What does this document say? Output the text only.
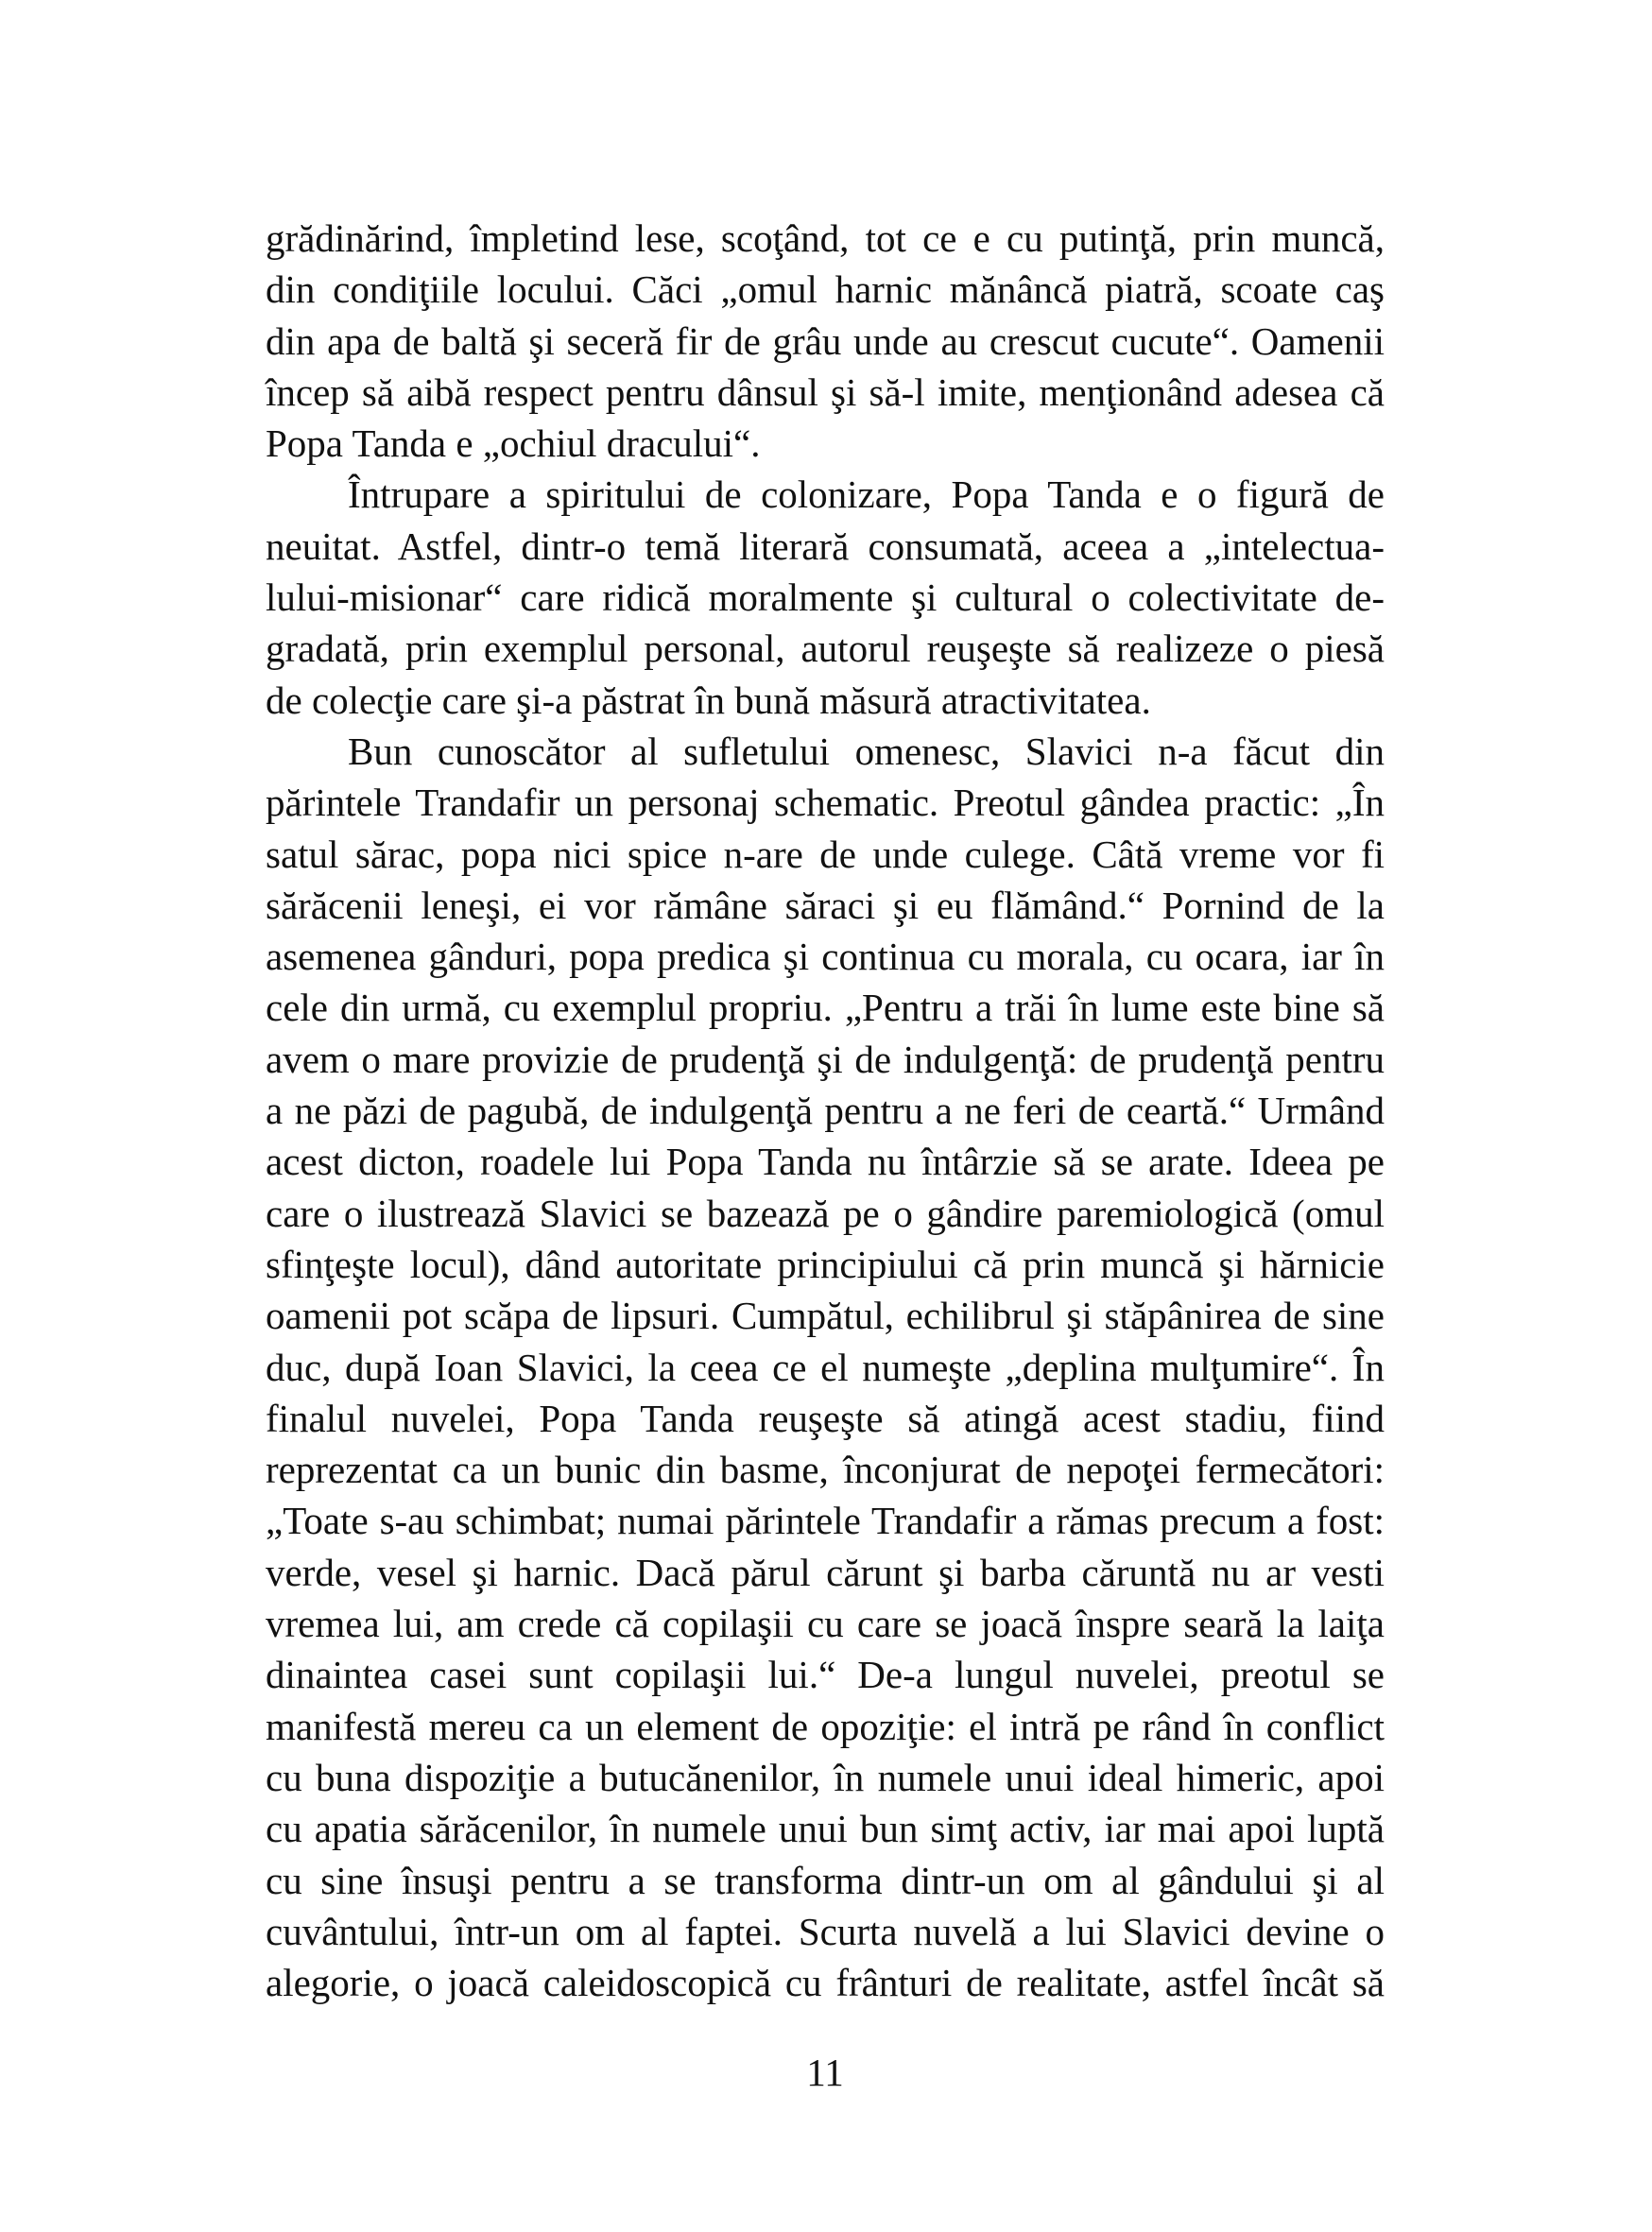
grădinărind, împletind lese, scoţând, tot ce e cu putinţă, prin muncă,
din condiţiile locului. Căci „omul harnic mănâncă piatră, scoate caş
din apa de baltă şi seceră fir de grâu unde au crescut cucute“. Oamenii
încep să aibă respect pentru dânsul şi să-l imite, menţionând adesea că
Popa Tanda e „ochiul dracului“.
Întrupare a spiritului de colonizare, Popa Tanda e o figură de
neuitat. Astfel, dintr-o temă literară consumată, aceea a „intelectua-
lului-misionar“ care ridică moralmente şi cultural o colectivitate de-
gradată, prin exemplul personal, autorul reuşeşte să realizeze o piesă
de colecţie care şi-a păstrat în bună măsură atractivitatea.
Bun cunoscător al sufletului omenesc, Slavici n-a făcut din
părintele Trandafir un personaj schematic. Preotul gândea practic: „În
satul sărac, popa nici spice n-are de unde culege. Câtă vreme vor fi
sărăcenii leneşi, ei vor rămâne săraci şi eu flămând.“ Pornind de la
asemenea gânduri, popa predica şi continua cu morala, cu ocara, iar în
cele din urmă, cu exemplul propriu. „Pentru a trăi în lume este bine să
avem o mare provizie de prudenţă şi de indulgenţă: de prudenţă pentru
a ne păzi de pagubă, de indulgenţă pentru a ne feri de ceartă.“ Urmând
acest dicton, roadele lui Popa Tanda nu întârzie să se arate. Ideea pe
care o ilustrează Slavici se bazează pe o gândire paremiologică (omul
sfinţeşte locul), dând autoritate principiului că prin muncă şi hărnicie
oamenii pot scăpa de lipsuri. Cumpătul, echilibrul şi stăpânirea de sine
duc, după Ioan Slavici, la ceea ce el numeşte „deplina mulţumire“. În
finalul nuvelei, Popa Tanda reuşeşte să atingă acest stadiu, fiind
reprezentat ca un bunic din basme, înconjurat de nepoţei fermecători:
„Toate s-au schimbat; numai părintele Trandafir a rămas precum a fost:
verde, vesel şi harnic. Dacă părul cărunt şi barba căruntă nu ar vesti
vremea lui, am crede că copilaşii cu care se joacă înspre seară la laiţa
dinaintea casei sunt copilaşii lui.“ De-a lungul nuvelei, preotul se
manifestă mereu ca un element de opoziţie: el intră pe rând în conflict
cu buna dispoziţie a butucănenilor, în numele unui ideal himeric, apoi
cu apatia sărăcenilor, în numele unui bun simţ activ, iar mai apoi luptă
cu sine însuşi pentru a se transforma dintr-un om al gândului şi al
cuvântului, într-un om al faptei. Scurta nuvelă a lui Slavici devine o
alegorie, o joacă caleidoscopică cu frânturi de realitate, astfel încât să
11
